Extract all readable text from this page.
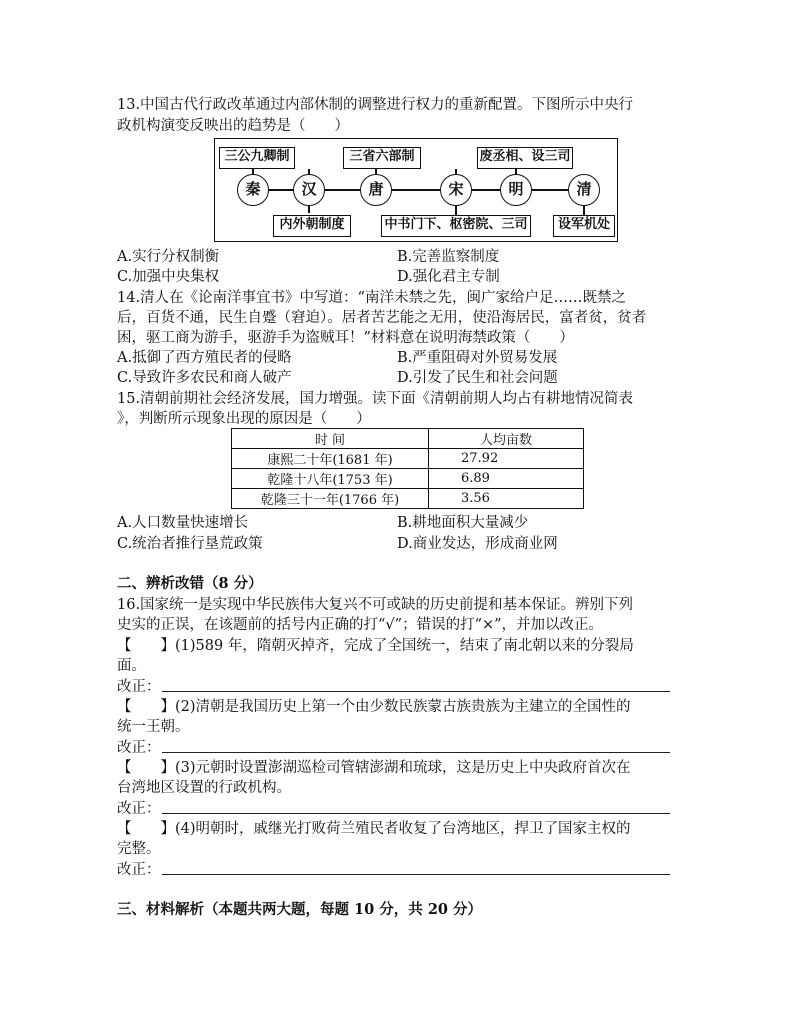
13.中国古代行政改革通过内部休制的调整进行权力的重新配置。下图所示中央行
政机构演变反映出的趋势是（　　）
三公九卿制	三省六部制	废丞相、设三司
秦	汉	唐	宋	明	清
内外朝制度	中书门下、枢密院、三司	设军机处
A.实行分权制衡	B.完善监察制度
C.加强中央集权	D.强化君主专制
14.清人在《论南洋事宜书》中写道：“南洋未禁之先，闽广家给户足……既禁之
后，百货不通，民生自蹙（窘迫）。居者苦艺能之无用，使沿海居民，富者贫，贫者
困，驱工商为游手，驱游手为盗贼耳！”材料意在说明海禁政策（　　）
A.抵御了西方殖民者的侵略	B.严重阻碍对外贸易发展
C.导致许多农民和商人破产	D.引发了民生和社会问题
15.清朝前期社会经济发展，国力增强。读下面《清朝前期人均占有耕地情况简表
》，判断所示现象出现的原因是（　　）
时 间	人均亩数
康熙二十年(1681 年)	27.92
乾隆十八年(1753 年)	6.89
乾隆三十一年(1766 年)	3.56
A.人口数量快速增长	B.耕地面积大量减少
C.统治者推行垦荒政策	D.商业发达，形成商业网
二、辨析改错（8 分）
16.国家统一是实现中华民族伟大复兴不可或缺的历史前提和基本保证。辨别下列
史实的正误，在该题前的括号内正确的打“√”；错误的打“×”，并加以改正。
【　　】(1)589 年，隋朝灭掉齐，完成了全国统一，结束了南北朝以来的分裂局
面。
改正：
【　　】(2)清朝是我国历史上第一个由少数民族蒙古族贵族为主建立的全国性的
统一王朝。
改正：
【　　】(3)元朝时设置澎湖巡检司管辖澎湖和琉球，这是历史上中央政府首次在
台湾地区设置的行政机构。
改正：
【　　】(4)明朝时，戚继光打败荷兰殖民者收复了台湾地区，捍卫了国家主权的
完整。
改正：
三、材料解析（本题共两大题，每题 10 分，共 20 分）
